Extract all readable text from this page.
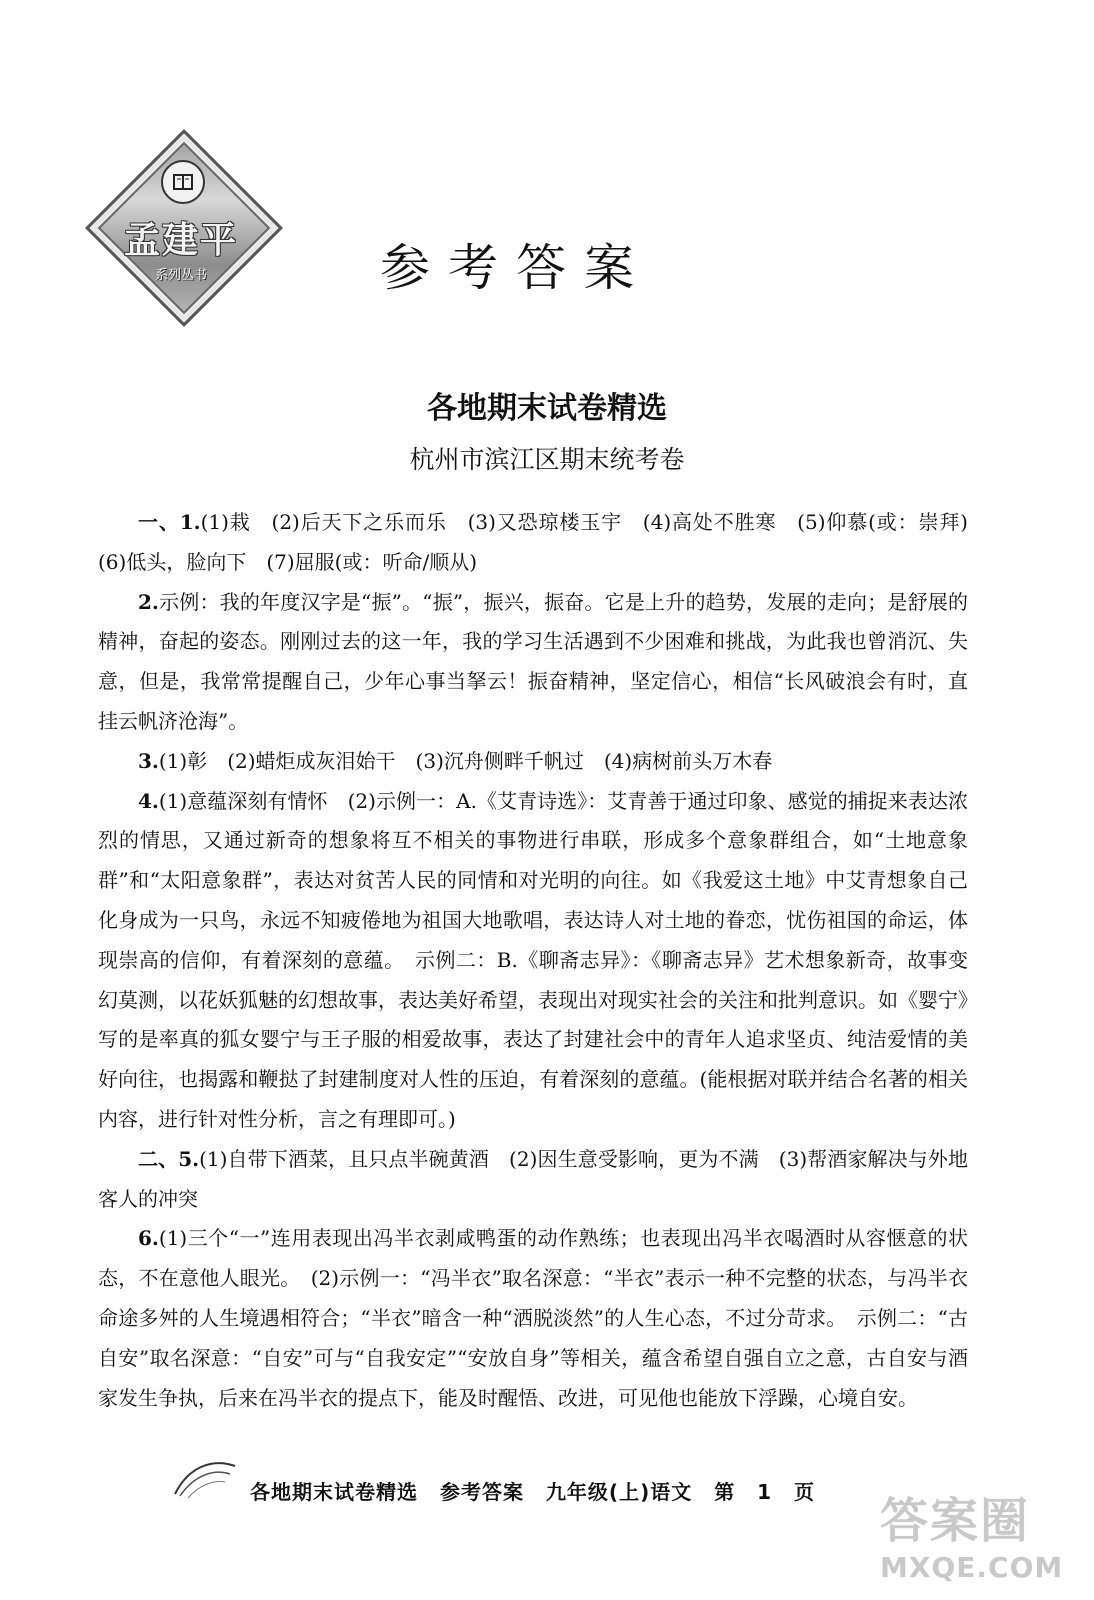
孟建平
系列丛书	参考答案
各地期末试卷精选
杭州市滨江区期末统考卷

一、1.(1)栽　(2)后天下之乐而乐　(3)又恐琼楼玉宇　(4)高处不胜寒　(5)仰慕(或：崇拜)　(6)低头，脸向下　(7)屈服(或：听命/顺从)

2.示例：我的年度汉字是“振”。“振”，振兴，振奋。它是上升的趋势，发展的走向；是舒展的精神，奋起的姿态。刚刚过去的这一年，我的学习生活遇到不少困难和挑战，为此我也曾消沉、失意，但是，我常常提醒自己，少年心事当拏云！振奋精神，坚定信心，相信“长风破浪会有时，直挂云帆济沧海”。

3.(1)彰　(2)蜡炬成灰泪始干　(3)沉舟侧畔千帆过　(4)病树前头万木春

4.(1)意蕴深刻有情怀　(2)示例一：A.《艾青诗选》：艾青善于通过印象、感觉的捕捉来表达浓烈的情思，又通过新奇的想象将互不相关的事物进行串联，形成多个意象群组合，如“土地意象群”和“太阳意象群”，表达对贫苦人民的同情和对光明的向往。如《我爱这土地》中艾青想象自己化身成为一只鸟，永远不知疲倦地为祖国大地歌唱，表达诗人对土地的眷恋，忧伤祖国的命运，体现崇高的信仰，有着深刻的意蕴。　示例二：B.《聊斋志异》：《聊斋志异》艺术想象新奇，故事变幻莫测，以花妖狐魅的幻想故事，表达美好希望，表现出对现实社会的关注和批判意识。如《婴宁》写的是率真的狐女婴宁与王子服的相爱故事，表达了封建社会中的青年人追求坚贞、纯洁爱情的美好向往，也揭露和鞭挞了封建制度对人性的压迫，有着深刻的意蕴。(能根据对联并结合名著的相关内容，进行针对性分析，言之有理即可。)

二、5.(1)自带下酒菜，且只点半碗黄酒　(2)因生意受影响，更为不满　(3)帮酒家解决与外地客人的冲突

6.(1)三个“一”连用表现出冯半衣剥咸鸭蛋的动作熟练；也表现出冯半衣喝酒时从容惬意的状态，不在意他人眼光。　(2)示例一：“冯半衣”取名深意：“半衣”表示一种不完整的状态，与冯半衣命途多舛的人生境遇相符合；“半衣”暗含一种“洒脱淡然”的人生心态，不过分苛求。　示例二：“古自安”取名深意：“自安”可与“自我安定”“安放自身”等相关，蕴含希望自强自立之意，古自安与酒家发生争执，后来在冯半衣的提点下，能及时醒悟、改进，可见他也能放下浮躁，心境自安。

各地期末试卷精选 参考答案 九年级(上)语文 第 1 页
答案圈
MXQE.COM
